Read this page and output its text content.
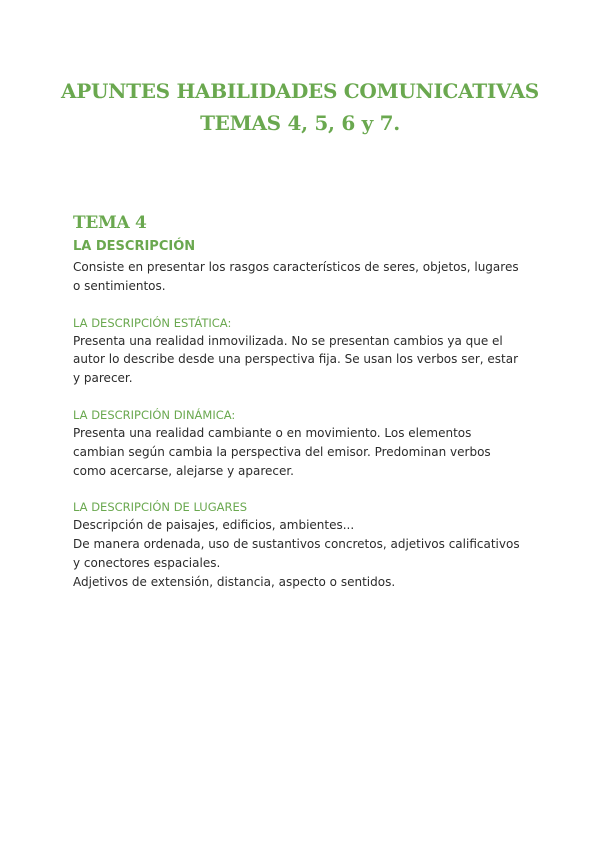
APUNTES HABILIDADES COMUNICATIVAS
TEMAS 4, 5, 6 y 7.
TEMA 4
LA DESCRIPCIÓN
Consiste en presentar los rasgos característicos de seres, objetos, lugares
o sentimientos.
LA DESCRIPCIÓN ESTÁTICA:
Presenta una realidad inmovilizada. No se presentan cambios ya que el
autor lo describe desde una perspectiva fija. Se usan los verbos ser, estar
y parecer.
LA DESCRIPCIÓN DINÁMICA:
Presenta una realidad cambiante o en movimiento. Los elementos
cambian según cambia la perspectiva del emisor. Predominan verbos
como acercarse, alejarse y aparecer.
LA DESCRIPCIÓN DE LUGARES
Descripción de paisajes, edificios, ambientes...
De manera ordenada, uso de sustantivos concretos, adjetivos calificativos
y conectores espaciales.
Adjetivos de extensión, distancia, aspecto o sentidos.
